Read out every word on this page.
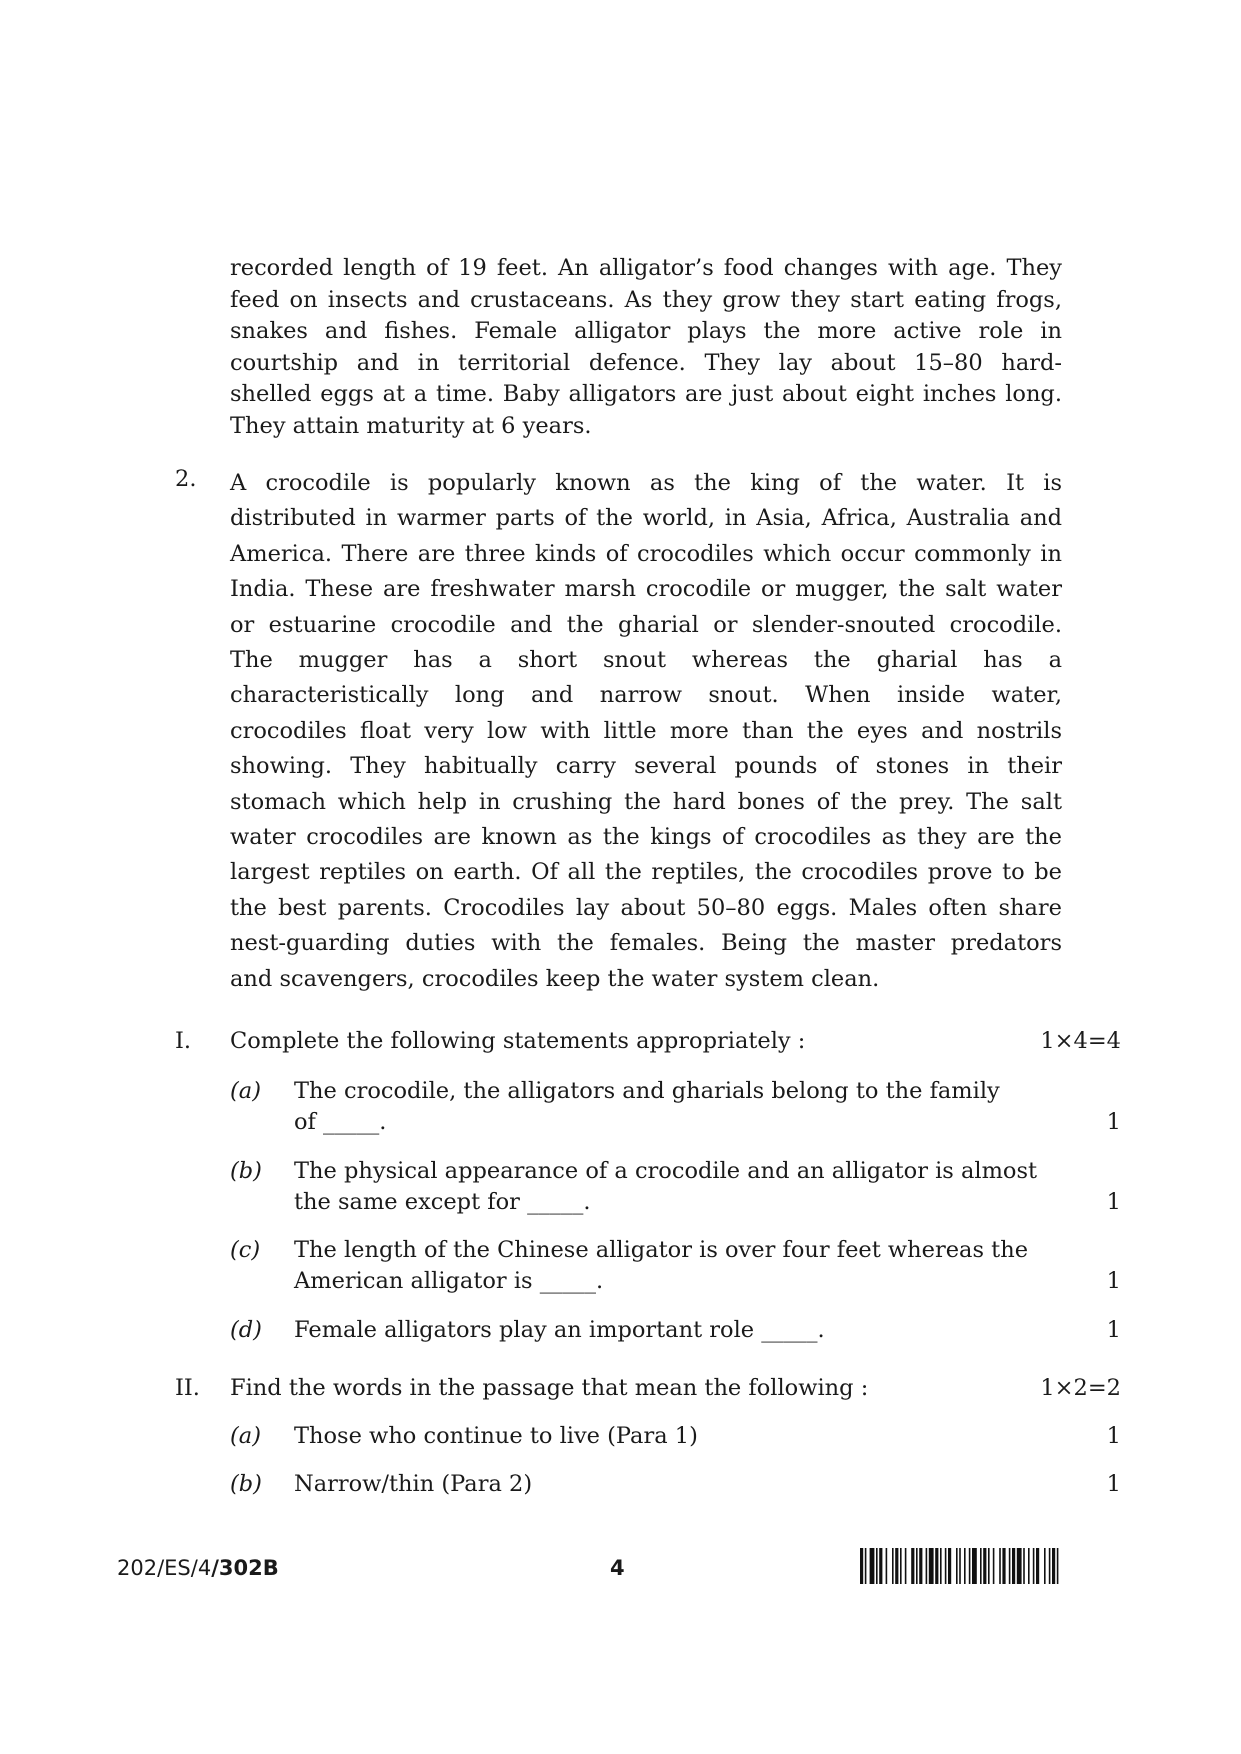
recorded length of 19 feet. An alligator’s food changes with age. They
feed on insects and crustaceans. As they grow they start eating frogs,
snakes and fishes. Female alligator plays the more active role in
courtship and in territorial defence. They lay about 15–80 hard-
shelled eggs at a time. Baby alligators are just about eight inches long.
They attain maturity at 6 years.
2. A crocodile is popularly known as the king of the water. It is
distributed in warmer parts of the world, in Asia, Africa, Australia and
America. There are three kinds of crocodiles which occur commonly in
India. These are freshwater marsh crocodile or mugger, the salt water
or estuarine crocodile and the gharial or slender-snouted crocodile.
The mugger has a short snout whereas the gharial has a
characteristically long and narrow snout. When inside water,
crocodiles float very low with little more than the eyes and nostrils
showing. They habitually carry several pounds of stones in their
stomach which help in crushing the hard bones of the prey. The salt
water crocodiles are known as the kings of crocodiles as they are the
largest reptiles on earth. Of all the reptiles, the crocodiles prove to be
the best parents. Crocodiles lay about 50–80 eggs. Males often share
nest-guarding duties with the females. Being the master predators
and scavengers, crocodiles keep the water system clean.
I. Complete the following statements appropriately :	1×4=4
(a) The crocodile, the alligators and gharials belong to the family
of _____.	1
(b) The physical appearance of a crocodile and an alligator is almost
the same except for _____.	1
(c) The length of the Chinese alligator is over four feet whereas the
American alligator is _____.	1
(d) Female alligators play an important role _____.	1
II. Find the words in the passage that mean the following :	1×2=2
(a) Those who continue to live (Para 1)	1
(b) Narrow/thin (Para 2)	1
202/ES/4/302B	4
